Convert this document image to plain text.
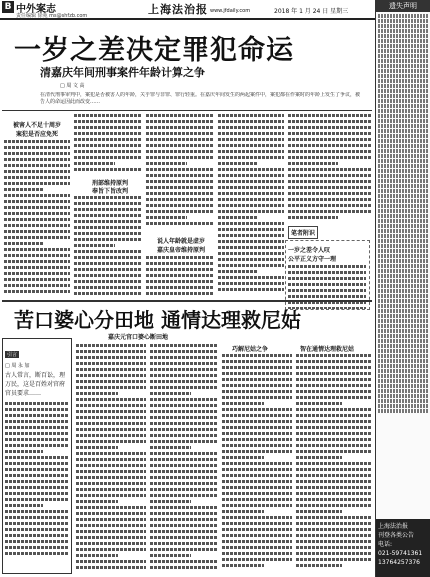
B 中外案志
责任编辑 徐苑 ms@shfzb.com	上海法治报 www.jfdaily.com	2018 年 1 月 24 日 星期三
遗失声明
上海法治报
刊登各类公告
电话:
021-59741361
13764257376
一岁之差决定罪犯命运
清嘉庆年间刑事案件年龄计算之争
□ 周 文 高
在清代刑事审判中，案犯是否被害人的年龄，关乎罪与非罪、罪行轻重。在嘉庆年间发生的两起案件中，案犯都在作案时的年龄上发生了争议，被告人的命运因此而改变……
被害人不足十周岁
案犯是否应免死
刑部维持原判
奉旨下旨改判
说人年龄就是虚岁
嘉庆皇帝维持原判
笔者附识
一岁之差令人叹
公平正义方守一理
苦口婆心分田地 通情达理救尼姑
嘉庆元官口婆心断田地
引言
□ 周 永 加
古人常言，断百讼，理万民，这是百姓对官府官员要求……
巧解尼姑之争	智在通情达理救尼姑
